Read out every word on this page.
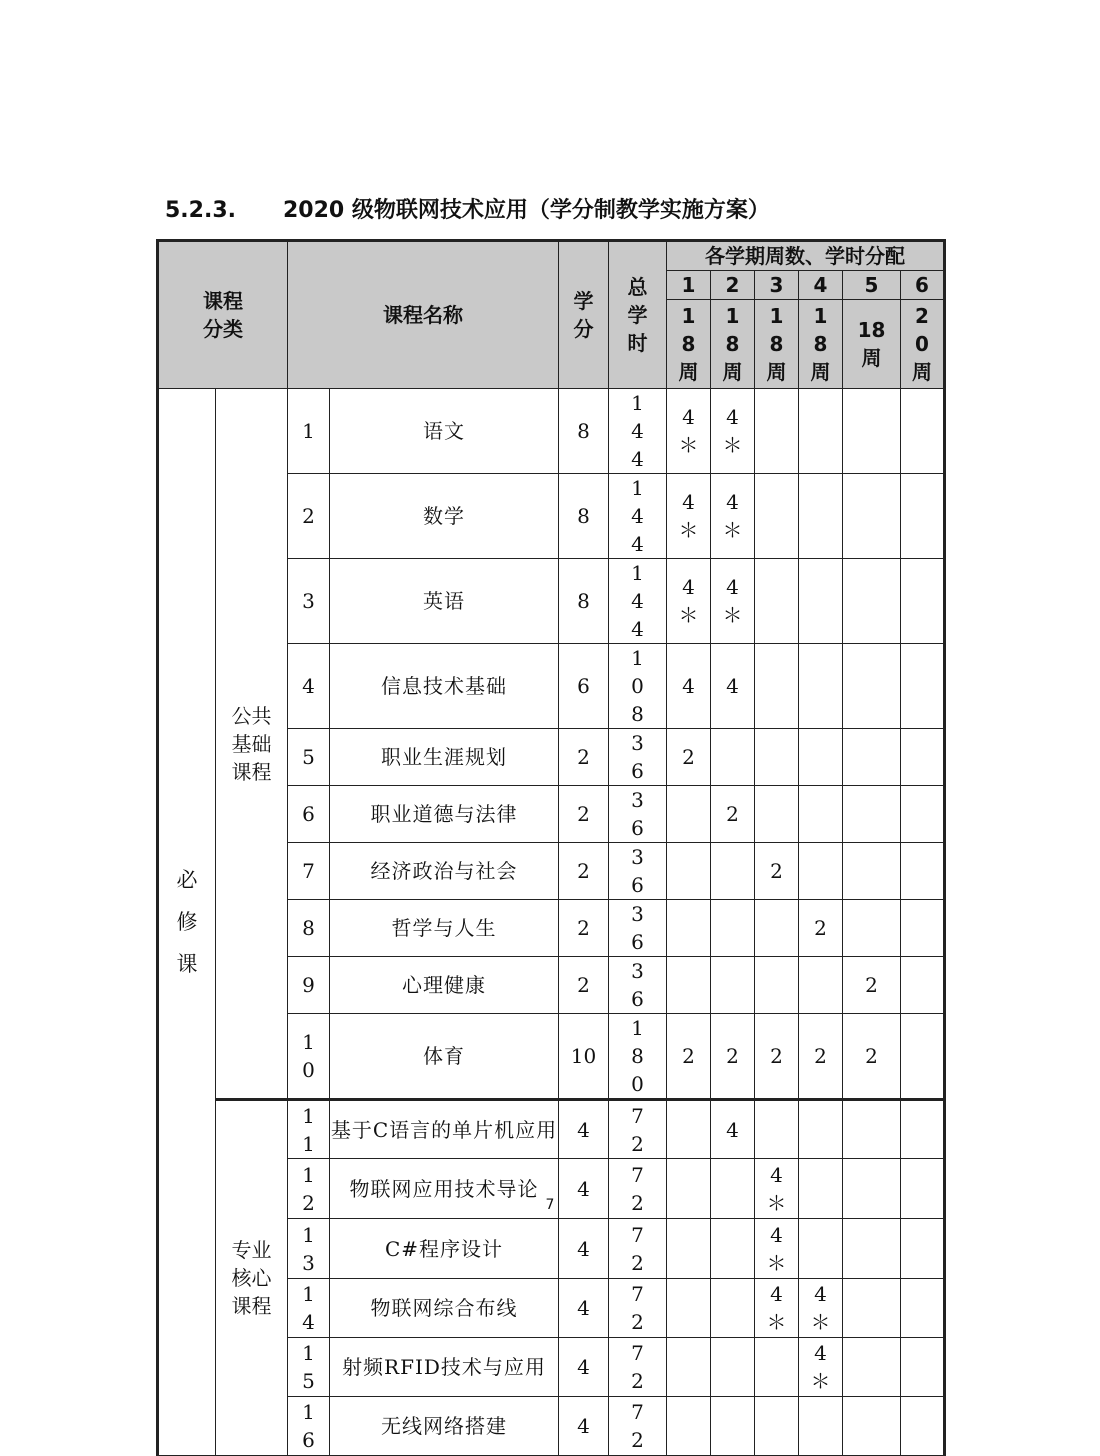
5.2.3. 2020 级物联网技术应用（学分制教学实施方案）
课程分类		课程名称		学分	总学时	各学期周数、学时分配					
						1	2	3	4	5	6
						18周	18周	18周	18周	18周	20周
必修课	公共基础课程	1	语文	8	144	4＊	4＊				
		2	数学	8	144	4＊	4＊				
		3	英语	8	144	4＊	4＊				
		4	信息技术基础	6	108	4	4				
		5	职业生涯规划	2	36	2					
		6	职业道德与法律	2	36		2				
		7	经济政治与社会	2	36			2			
		8	哲学与人生	2	36				2		
		9	心理健康	2	36					2	
		10	体育	10	180	2	2	2	2	2	
	专业核心课程	11	基于C语言的单片机应用	4	72		4				
		12	物联网应用技术导论	4	72			4＊			
		13	C#程序设计	4	72			4＊			
		14	物联网综合布线	4	72			4＊	4＊		
		15	射频RFID技术与应用	4	72				4＊		
		16	无线网络搭建	4	72						
7
